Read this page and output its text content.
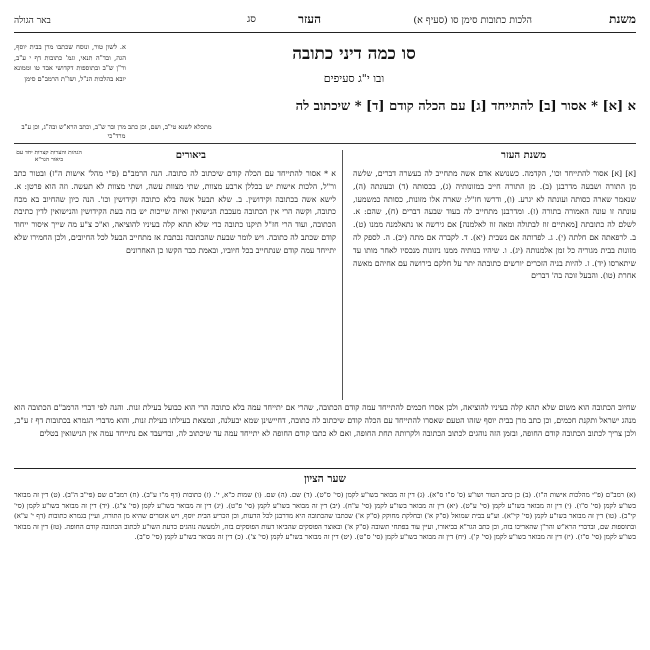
משנת
הלכות כתובות סימן סו (סעיף א)
העזר
סג
באר הגולה

א. לשון טור, ונוסח שכתבו מרן בבית יוסף, הגה, ובד"ה תנאי, וגמ' כתובות דף י ע"ב, ור"ן ש"ב ובתוספות דקדושי אבד טו וממונא יובא בהלכות הנ"ל, ושו"ת הרמב"ם סימן

מתכלא לשנא טי"ב, ושם, וכן כתב מרן ובר ש"ב, וכתב הרא"ש ובה"ג, וכן ע"ב מרד"כי
סו כמה דיני כתובה
ובו י"ג סעיפים
א [א] * אסור [ב] להתייחד [ג] עם הכלה קודם [ד] * שיכתוב לה
משנת העזר
ביאורים
הגהות והערות קצרות יחד עם ביאור הגר"א
[א] [א] אסור להתייחד וכו', הקדמה. כשנושא אדם אשה מתחייב לה בעשרה דברים, שלשה מן התורה ושבעה מדרבנן (ב). מן התורה חייב במזונותיה (ג), בכסותה (ד) ובעונתה (ה), שנאמר שארה כסותה ועונתה לא יגרע. (ו), ודרשו חז"ל: שארה אלו מזונות, כסותה כמשמעו, עונתה זו עונה האמורה בתורה (ז). ומדרבנן מתחייב לה בעוד שבעה דברים (ח), שהם: א. לשלם לה כתובתה [מאתיים זוז לבתולה ומאה זוז לאלמנה] אם גירשה או נתאלמנה ממנו (ט). ב. לרפאתה אם חלתה (י). ג. לפדותה אם נשבית (יא). ד. לקברה אם מתה (יב). ה. לספק לה מזונות בבית מגוריה כל זמן אלמנותה (יג). ו. שיהיו בנותיה ממנו ניזונות מנכסיו לאחר מותו עד שיתארסו (יד). ז. להיות בניה הזכרים יורשים כתובתה יתר על חלקם בירושה עם אחיהם מאשה אחרת (טו). והבעל זוכה בה' דברים
א * אסור להתייחד עם הכלה קודם שיכתוב לה כתובה. הנה הרמב"ם (פ"י מהל' אישות ה"ז) ובטור כתב ור"ל, הלכות אישות יש בכללן ארבע מצוות, שתי מצוות עשה, ושתי מצוות לא תעשה. וזה הוא פרטן: א. לישא אשה בכתובה וקידושין. ב. שלא תבעל אשה בלא כתובה וקידושין וכו'. הנה כיון שהחיוב בא מכח כתובה, וקשה הרי אין הכתובה מעכבת הנישואין ואיזה שייכות יש בזה בעת הקידושין והנישואין לדין כתיבת הכתובה, ועוד הרי חז"ל תיקנו כתובה כדי שלא תהא קלה בעיניו להוציאה, וא"כ צ"ע מה שייך איסור ייחוד קודם שכתב לה כתובה. ויש לומר שבעת שהכתובה נכתבת אז מתחייב הבעל לכל החיובים, ולכן החמירו שלא יתייחד עמה קודם שנתחייב בכל חיוביו, ובאמת כבר הקשו כן האחרונים
שחיוב הכתובה הוא משום שלא תהא קלה בעיניו להוציאה, ולכן אסרו חכמים להתייחד עמה קודם הכתובה, שהרי אם יתייחד עמה בלא כתובה הרי הוא כבועל בעילת זנות. והנה לפי דברי הרמב"ם הכתובה הוא מנהג ישראל ותקנת חכמים, וכן כתב מרן בבית יוסף שזהו הטעם שאסרו להתייחד עם הכלה קודם שיכתוב לה כתובה, דחיישינן שמא יבעלנה, ונמצאת בעילתו בעילת זנות, והוא מדברי הגמרא בכתובות דף ז ע"ב, ולכן צריך לכתוב הכתובה קודם החופה, ובזמן הזה נוהגים לכתוב הכתובה ולקרותה תחת החופה, ואם לא כתבו קודם החופה לא יתייחד עמה עד שיכתוב לה, ובדיעבד אם נתייחד עמה אין הנישואין בטלים
שער הציון
(א) רמב"ם (פ"י מהלכות אישות ה"ז). (ב) כן כתב הטור ושו"ע (ס' ס"ו ס"א). (ג) דין זה מבואר בשו"ע לקמן (סי' ס"ט). (ד) שם. (ה) שם. (ו) שמות כ"א, י'. (ז) כתובות (דף מ"ז ע"ב). (ח) רמב"ם שם (פי"ב ה"ב). (ט) דין זה מבואר בשו"ע לקמן (סי' ס"ו). (י) דין זה מבואר בשו"ע לקמן (סי' ע"ט). (יא) דין זה מבואר בשו"ע לקמן (סי' ע"ח). (יב) דין זה מבואר בשו"ע לקמן (סי' פ"ט). (יג) דין זה מבואר בשו"ע לקמן (סי' צ"ג). (יד) דין זה מבואר בשו"ע לקמן (סי' קי"ב). (טו) דין זה מבואר בשו"ע לקמן (סי' קי"א). וע"ע בבית שמואל (ס"ק א') ובחלקת מחוקק (ס"ק א') שכתבו שהכתובה היא מדרבנן לכל הדעות, וכן הכריע הבית יוסף, ויש אומרים שהיא מן התורה, ועיין בגמרא כתובות (דף י' ע"א) ובתוספות שם, ובדברי הרא"ש והר"ן שהאריכו בזה, וכן כתב הגר"א בביאורו, ועיין עוד בפתחי תשובה (ס"ק א') ובאוצר הפוסקים שהביאו דעות הפוסקים בזה, ולמעשה נוהגים כדעת השו"ע לכתוב הכתובה קודם החופה. (טז) דין זה מבואר בשו"ע לקמן (סי' ס"ז). (יז) דין זה מבואר בשו"ע לקמן (סי' ק'). (יח) דין זה מבואר בשו"ע לקמן (סי' ס"ט). (יט) דין זה מבואר בשו"ע לקמן (סי' צ'). (כ) דין זה מבואר בשו"ע לקמן (סי' ס"ב).
